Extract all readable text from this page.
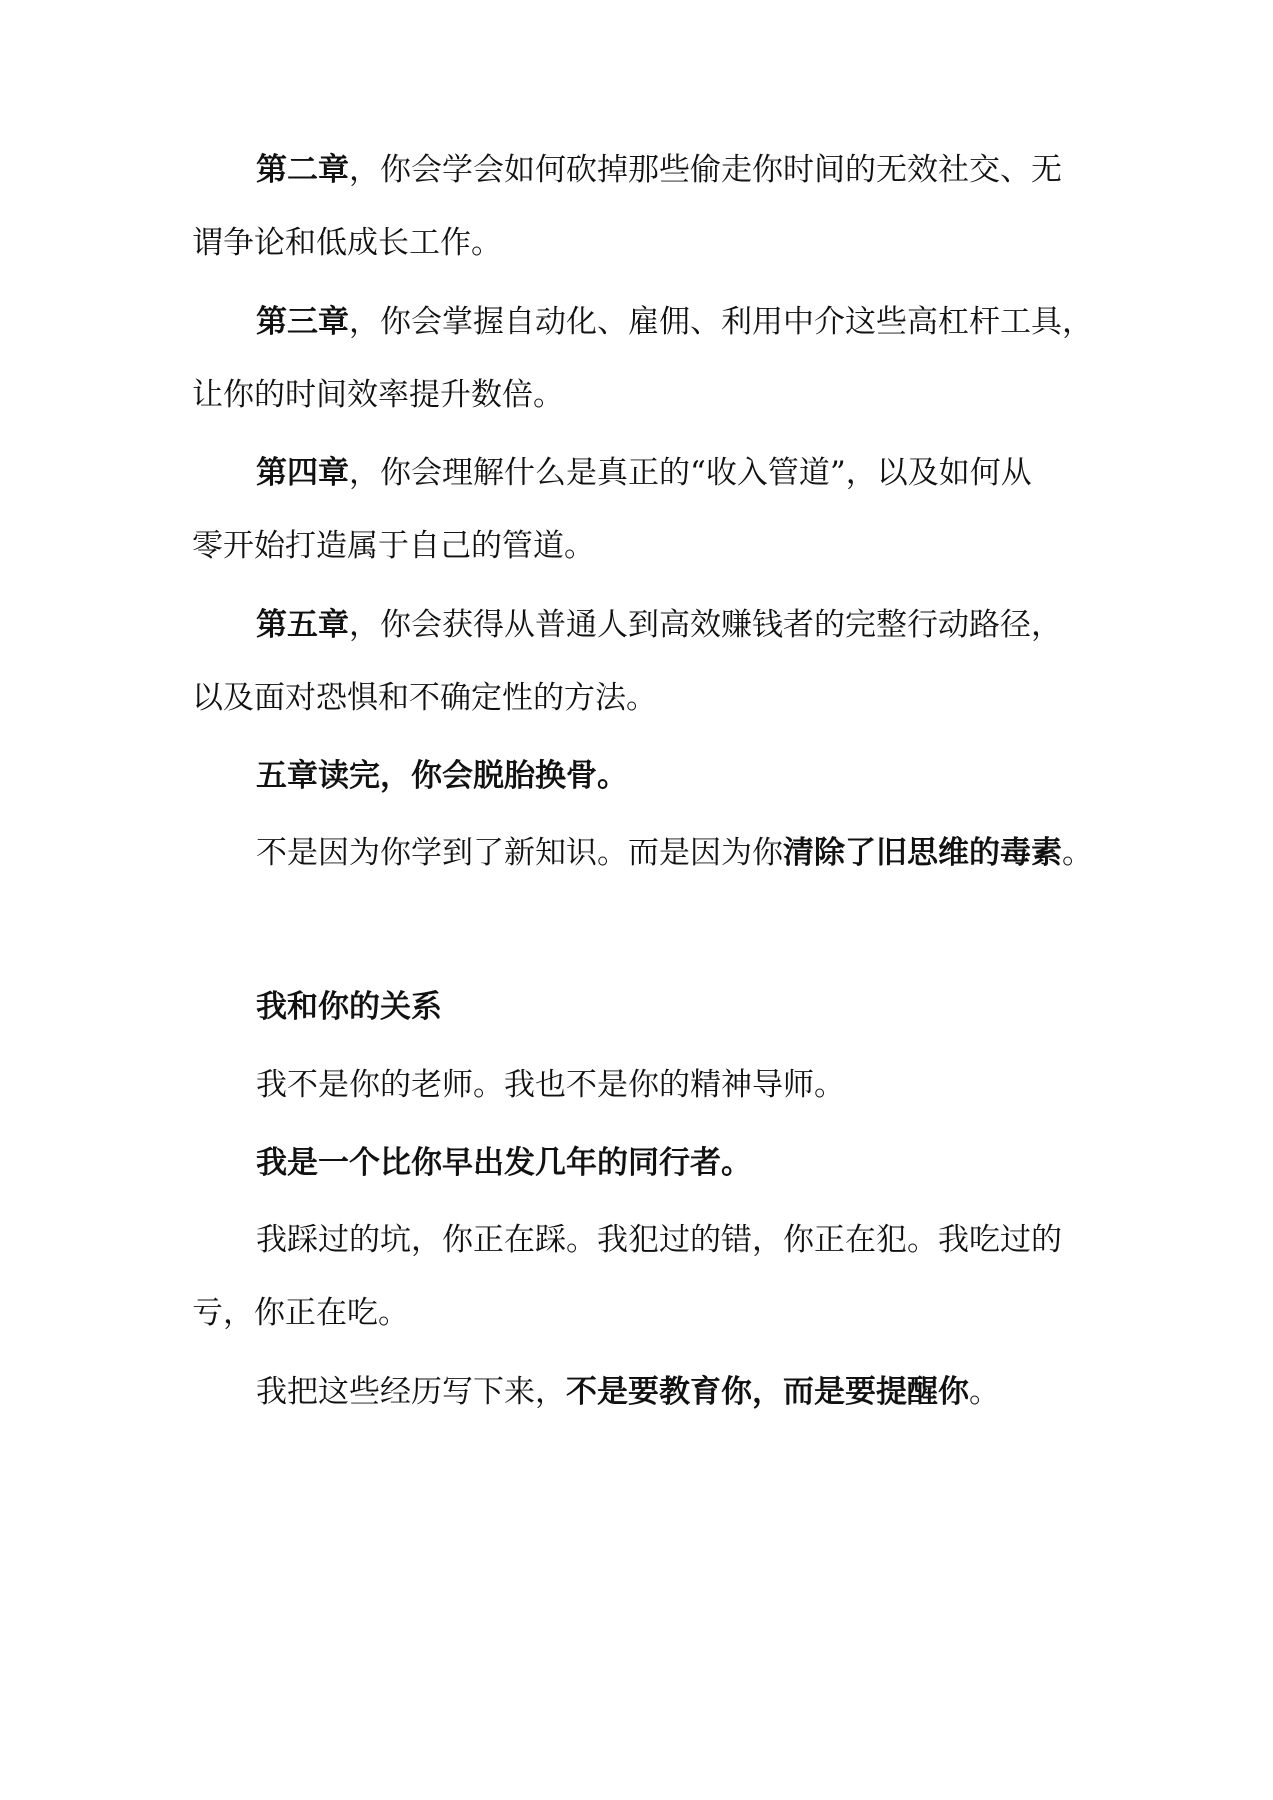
第二章，你会学会如何砍掉那些偷走你时间的无效社交、无
谓争论和低成长工作。
第三章，你会掌握自动化、雇佣、利用中介这些高杠杆工具，
让你的时间效率提升数倍。
第四章，你会理解什么是真正的“收入管道”，以及如何从
零开始打造属于自己的管道。
第五章，你会获得从普通人到高效赚钱者的完整行动路径，
以及面对恐惧和不确定性的方法。
五章读完，你会脱胎换骨。
不是因为你学到了新知识。而是因为你清除了旧思维的毒素。
我和你的关系
我不是你的老师。我也不是你的精神导师。
我是一个比你早出发几年的同行者。
我踩过的坑，你正在踩。我犯过的错，你正在犯。我吃过的
亏，你正在吃。
我把这些经历写下来，不是要教育你，而是要提醒你。
